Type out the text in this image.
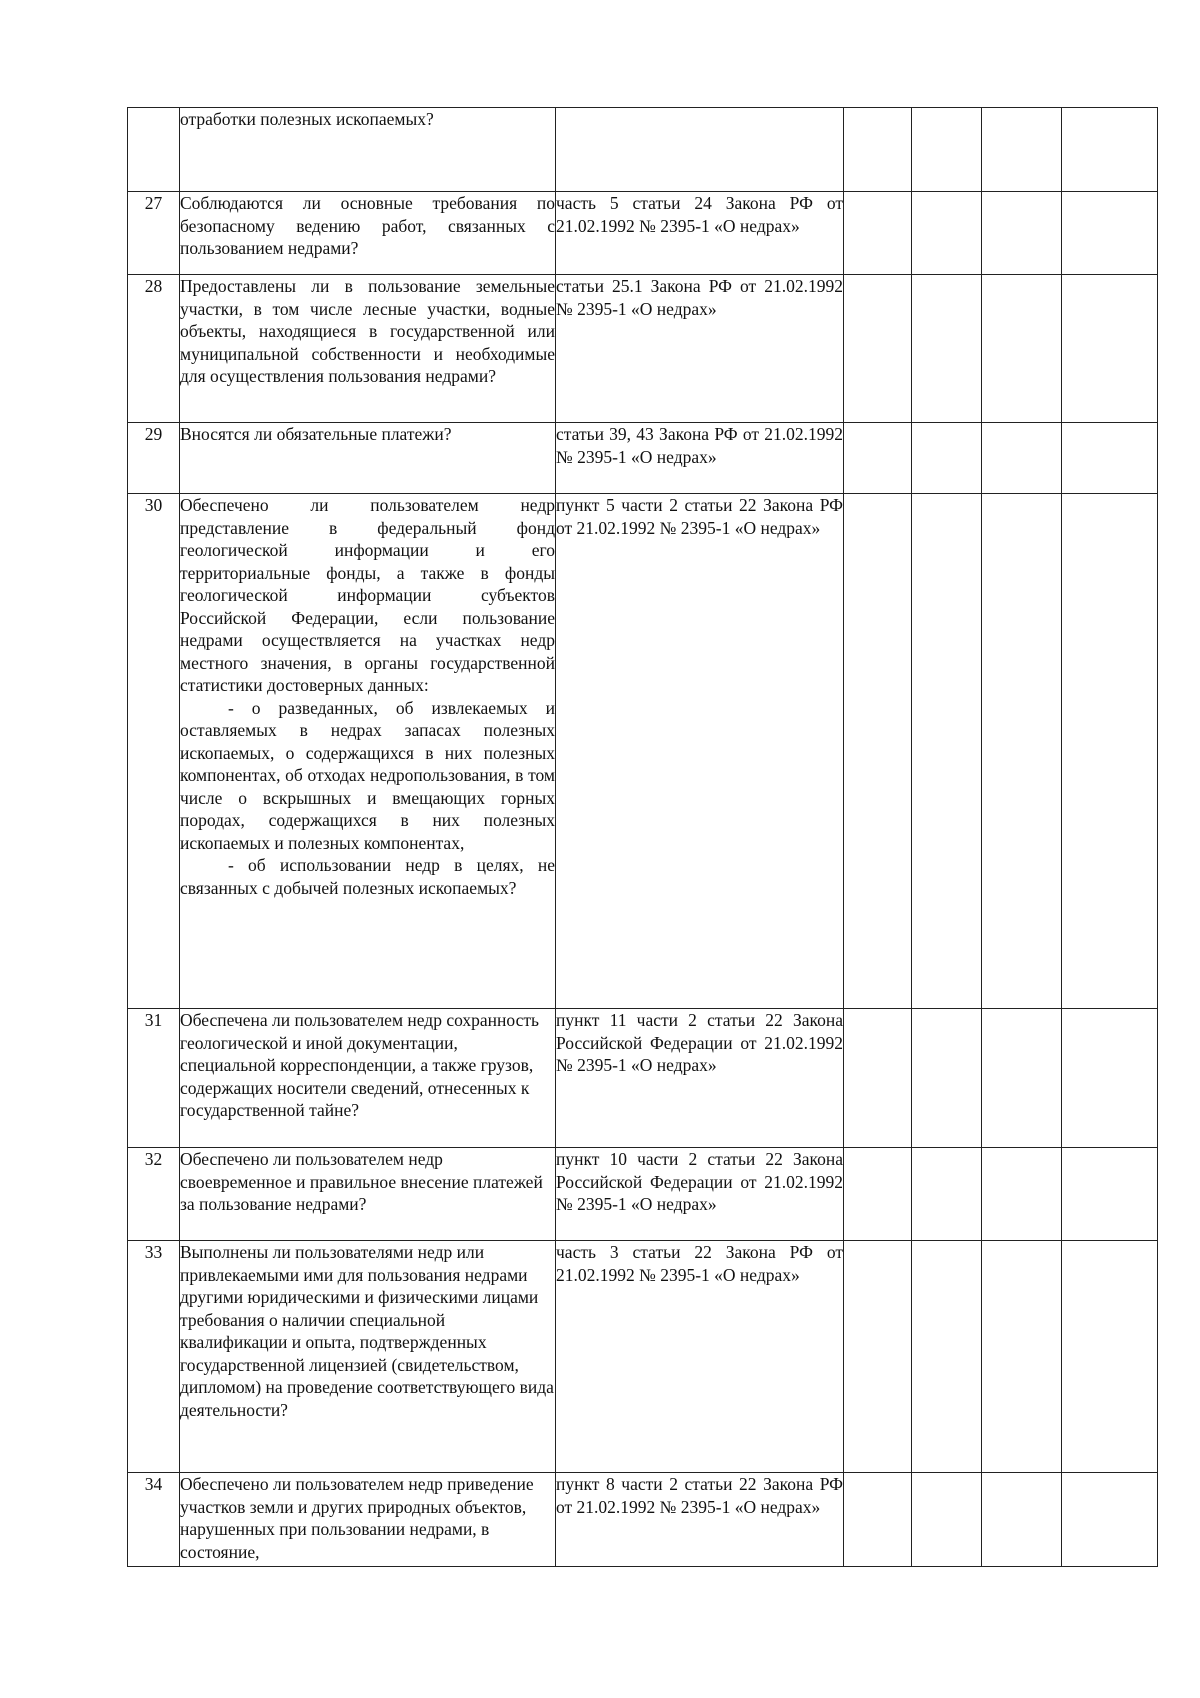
	отработки полезных ископаемых?					
27	Соблюдаются ли основные требования по безопасному ведению работ, связанных с пользованием недрами?	часть 5 статьи 24 Закона РФ от 21.02.1992 № 2395-1 «О недрах»				
28	Предоставлены ли в пользование земельные участки, в том числе лесные участки, водные объекты, находящиеся в государственной или муниципальной собственности и необходимые для осуществления пользования недрами?	статьи 25.1 Закона РФ от 21.02.1992 № 2395-1 «О недрах»				
29	Вносятся ли обязательные платежи?	статьи 39, 43 Закона РФ от 21.02.1992 № 2395-1 «О недрах»				
30	Обеспечено ли пользователем недр представление в федеральный фонд геологической информации и его территориальные фонды, а также в фонды геологической информации субъектов Российской Федерации, если пользование недрами осуществляется на участках недр местного значения, в органы государственной статистики достоверных данных:
- о разведанных, об извлекаемых и оставляемых в недрах запасах полезных ископаемых, о содержащихся в них полезных компонентах, об отходах недропользования, в том числе о вскрышных и вмещающих горных породах, содержащихся в них полезных ископаемых и полезных компонентах,
- об использовании недр в целях, не связанных с добычей полезных ископаемых?	пункт 5 части 2 статьи 22 Закона РФ от 21.02.1992 № 2395-1 «О недрах»				
31	Обеспечена ли пользователем недр сохранность геологической и иной документации, специальной корреспонденции, а также грузов, содержащих носители сведений, отнесенных к государственной тайне?	пункт 11 части 2 статьи 22 Закона Российской Федерации от 21.02.1992 № 2395-1 «О недрах»				
32	Обеспечено ли пользователем недр своевременное и правильное внесение платежей за пользование недрами?	пункт 10 части 2 статьи 22 Закона Российской Федерации от 21.02.1992 № 2395-1 «О недрах»				
33	Выполнены ли пользователями недр или привлекаемыми ими для пользования недрами другими юридическими и физическими лицами требования о наличии специальной квалификации и опыта, подтвержденных государственной лицензией (свидетельством, дипломом) на проведение соответствующего вида деятельности?	часть 3 статьи 22 Закона РФ от 21.02.1992 № 2395-1 «О недрах»				
34	Обеспечено ли пользователем недр приведение участков земли и других природных объектов, нарушенных при пользовании недрами, в состояние,	пункт 8 части 2 статьи 22 Закона РФ от 21.02.1992 № 2395-1 «О недрах»				
